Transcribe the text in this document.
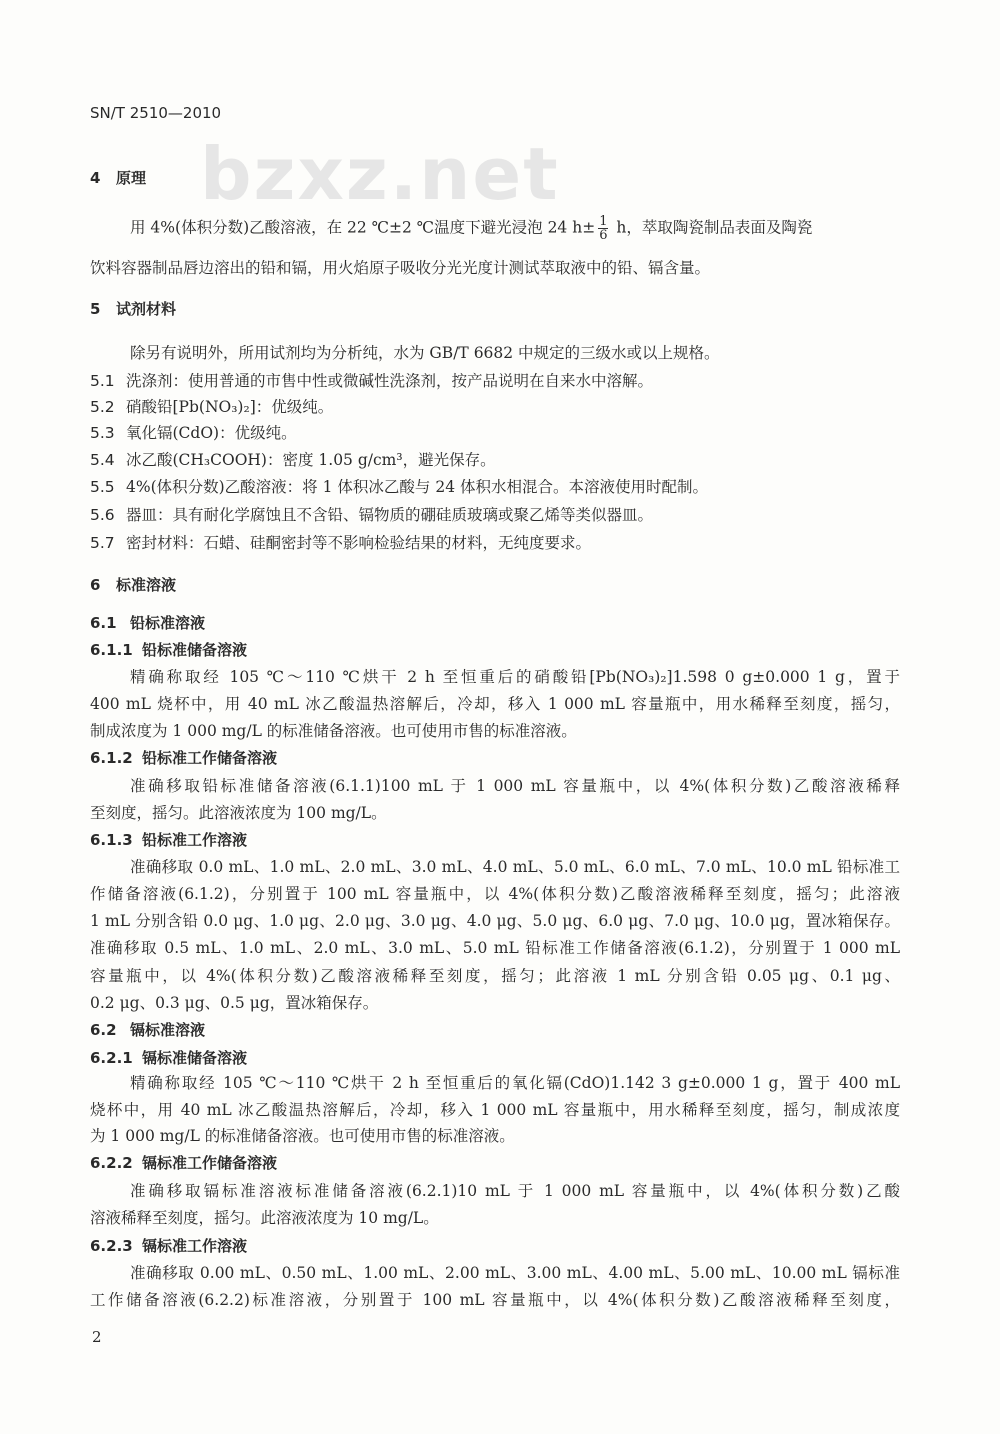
SN/T 2510—2010
bzxz.net
4 原理
用 4%(体积分数)乙酸溶液，在 22 ℃±2 ℃温度下避光浸泡 24 $h\pm \frac{1}{6}$ h，萃取陶瓷制品表面及陶瓷
饮料容器制品唇边溶出的铅和镉，用火焰原子吸收分光光度计测试萃取液中的铅、镉含量。
5 试剂材料
除另有说明外，所用试剂均为分析纯，水为 GB/T 6682 中规定的三级水或以上规格。
5.1 洗涤剂：使用普通的市售中性或微碱性洗涤剂，按产品说明在自来水中溶解。
5.2 硝酸铅[Pb(NO₃)₂]：优级纯。
5.3 氧化镉(CdO)：优级纯。
5.4 冰乙酸(CH₃COOH)：密度 1.05 g/cm³，避光保存。
5.5 4%(体积分数)乙酸溶液：将 1 体积冰乙酸与 24 体积水相混合。本溶液使用时配制。
5.6 器皿：具有耐化学腐蚀且不含铅、镉物质的硼硅质玻璃或聚乙烯等类似器皿。
5.7 密封材料：石蜡、硅酮密封等不影响检验结果的材料，无纯度要求。
6 标准溶液
6.1 铅标准溶液
6.1.1 铅标准储备溶液
精确称取经 105 ℃～110 ℃烘干 2 h 至恒重后的硝酸铅[Pb(NO₃)₂]1.598 0 g±0.000 1 g，置于
400 mL 烧杯中，用 40 mL 冰乙酸温热溶解后，冷却，移入 1 000 mL 容量瓶中，用水稀释至刻度，摇匀，
制成浓度为 1 000 mg/L 的标准储备溶液。也可使用市售的标准溶液。
6.1.2 铅标准工作储备溶液
准确移取铅标准储备溶液(6.1.1)100 mL 于 1 000 mL 容量瓶中，以 4%(体积分数)乙酸溶液稀释
至刻度，摇匀。此溶液浓度为 100 mg/L。
6.1.3 铅标准工作溶液
准确移取 0.0 mL、1.0 mL、2.0 mL、3.0 mL、4.0 mL、5.0 mL、6.0 mL、7.0 mL、10.0 mL 铅标准工
作储备溶液(6.1.2)，分别置于 100 mL 容量瓶中，以 4%(体积分数)乙酸溶液稀释至刻度，摇匀；此溶液
1 mL 分别含铅 0.0 μg、1.0 μg、2.0 μg、3.0 μg、4.0 μg、5.0 μg、6.0 μg、7.0 μg、10.0 μg，置冰箱保存。
准确移取 0.5 mL、1.0 mL、2.0 mL、3.0 mL、5.0 mL 铅标准工作储备溶液(6.1.2)，分别置于 1 000 mL
容量瓶中，以 4%(体积分数)乙酸溶液稀释至刻度，摇匀；此溶液 1 mL 分别含铅 0.05 μg、0.1 μg、
0.2 μg、0.3 μg、0.5 μg，置冰箱保存。
6.2 镉标准溶液
6.2.1 镉标准储备溶液
精确称取经 105 ℃～110 ℃烘干 2 h 至恒重后的氧化镉(CdO)1.142 3 g±0.000 1 g，置于 400 mL
烧杯中，用 40 mL 冰乙酸温热溶解后，冷却，移入 1 000 mL 容量瓶中，用水稀释至刻度，摇匀，制成浓度
为 1 000 mg/L 的标准储备溶液。也可使用市售的标准溶液。
6.2.2 镉标准工作储备溶液
准确移取镉标准溶液标准储备溶液(6.2.1)10 mL 于 1 000 mL 容量瓶中，以 4%(体积分数)乙酸
溶液稀释至刻度，摇匀。此溶液浓度为 10 mg/L。
6.2.3 镉标准工作溶液
准确移取 0.00 mL、0.50 mL、1.00 mL、2.00 mL、3.00 mL、4.00 mL、5.00 mL、10.00 mL 镉标准
工作储备溶液(6.2.2)标准溶液，分别置于 100 mL 容量瓶中，以 4%(体积分数)乙酸溶液稀释至刻度，
2
